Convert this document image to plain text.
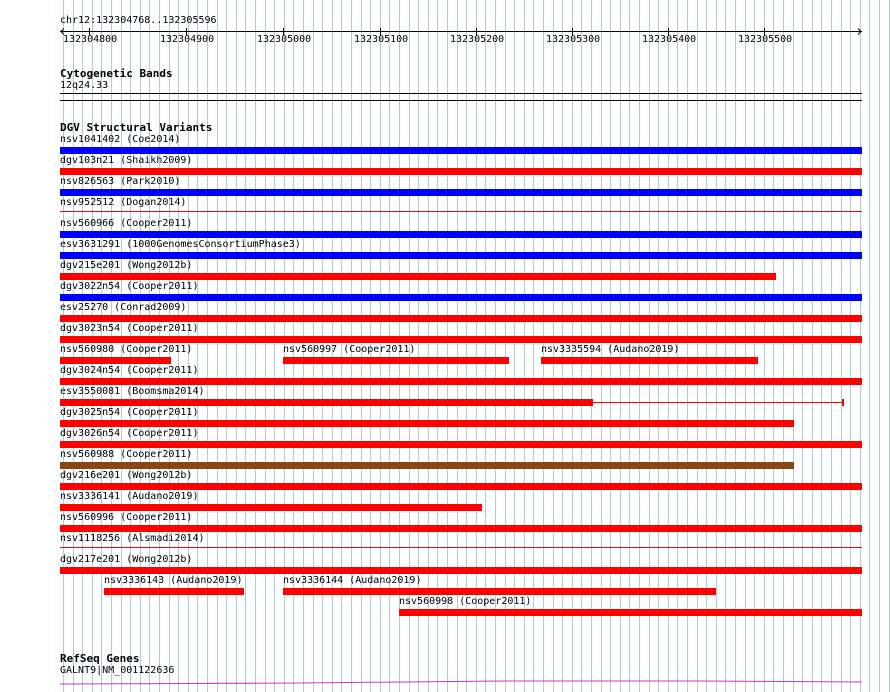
chr12:132304768..132305596
132304800	132304900	132305000	132305100	132305200	132305300	132305400	132305500
Cytogenetic Bands
12q24.33
DGV Structural Variants
nsv1041402 (Coe2014)
dgv103n21 (Shaikh2009)
nsv826563 (Park2010)
nsv952512 (Dogan2014)
nsv560966 (Cooper2011)
esv3631291 (1000GenomesConsortiumPhase3)
dgv215e201 (Wong2012b)
dgv3022n54 (Cooper2011)
esv25270 (Conrad2009)
dgv3023n54 (Cooper2011)
nsv560980 (Cooper2011)	nsv560997 (Cooper2011)	nsv3335594 (Audano2019)
dgv3024n54 (Cooper2011)
esv3550081 (Boomsma2014)
dgv3025n54 (Cooper2011)
dgv3026n54 (Cooper2011)
nsv560988 (Cooper2011)
dgv216e201 (Wong2012b)
nsv3336141 (Audano2019)
nsv560996 (Cooper2011)
nsv1118256 (Alsmadi2014)
dgv217e201 (Wong2012b)
nsv3336143 (Audano2019)	nsv3336144 (Audano2019)
nsv560998 (Cooper2011)
RefSeq Genes
GALNT9|NM_001122636
